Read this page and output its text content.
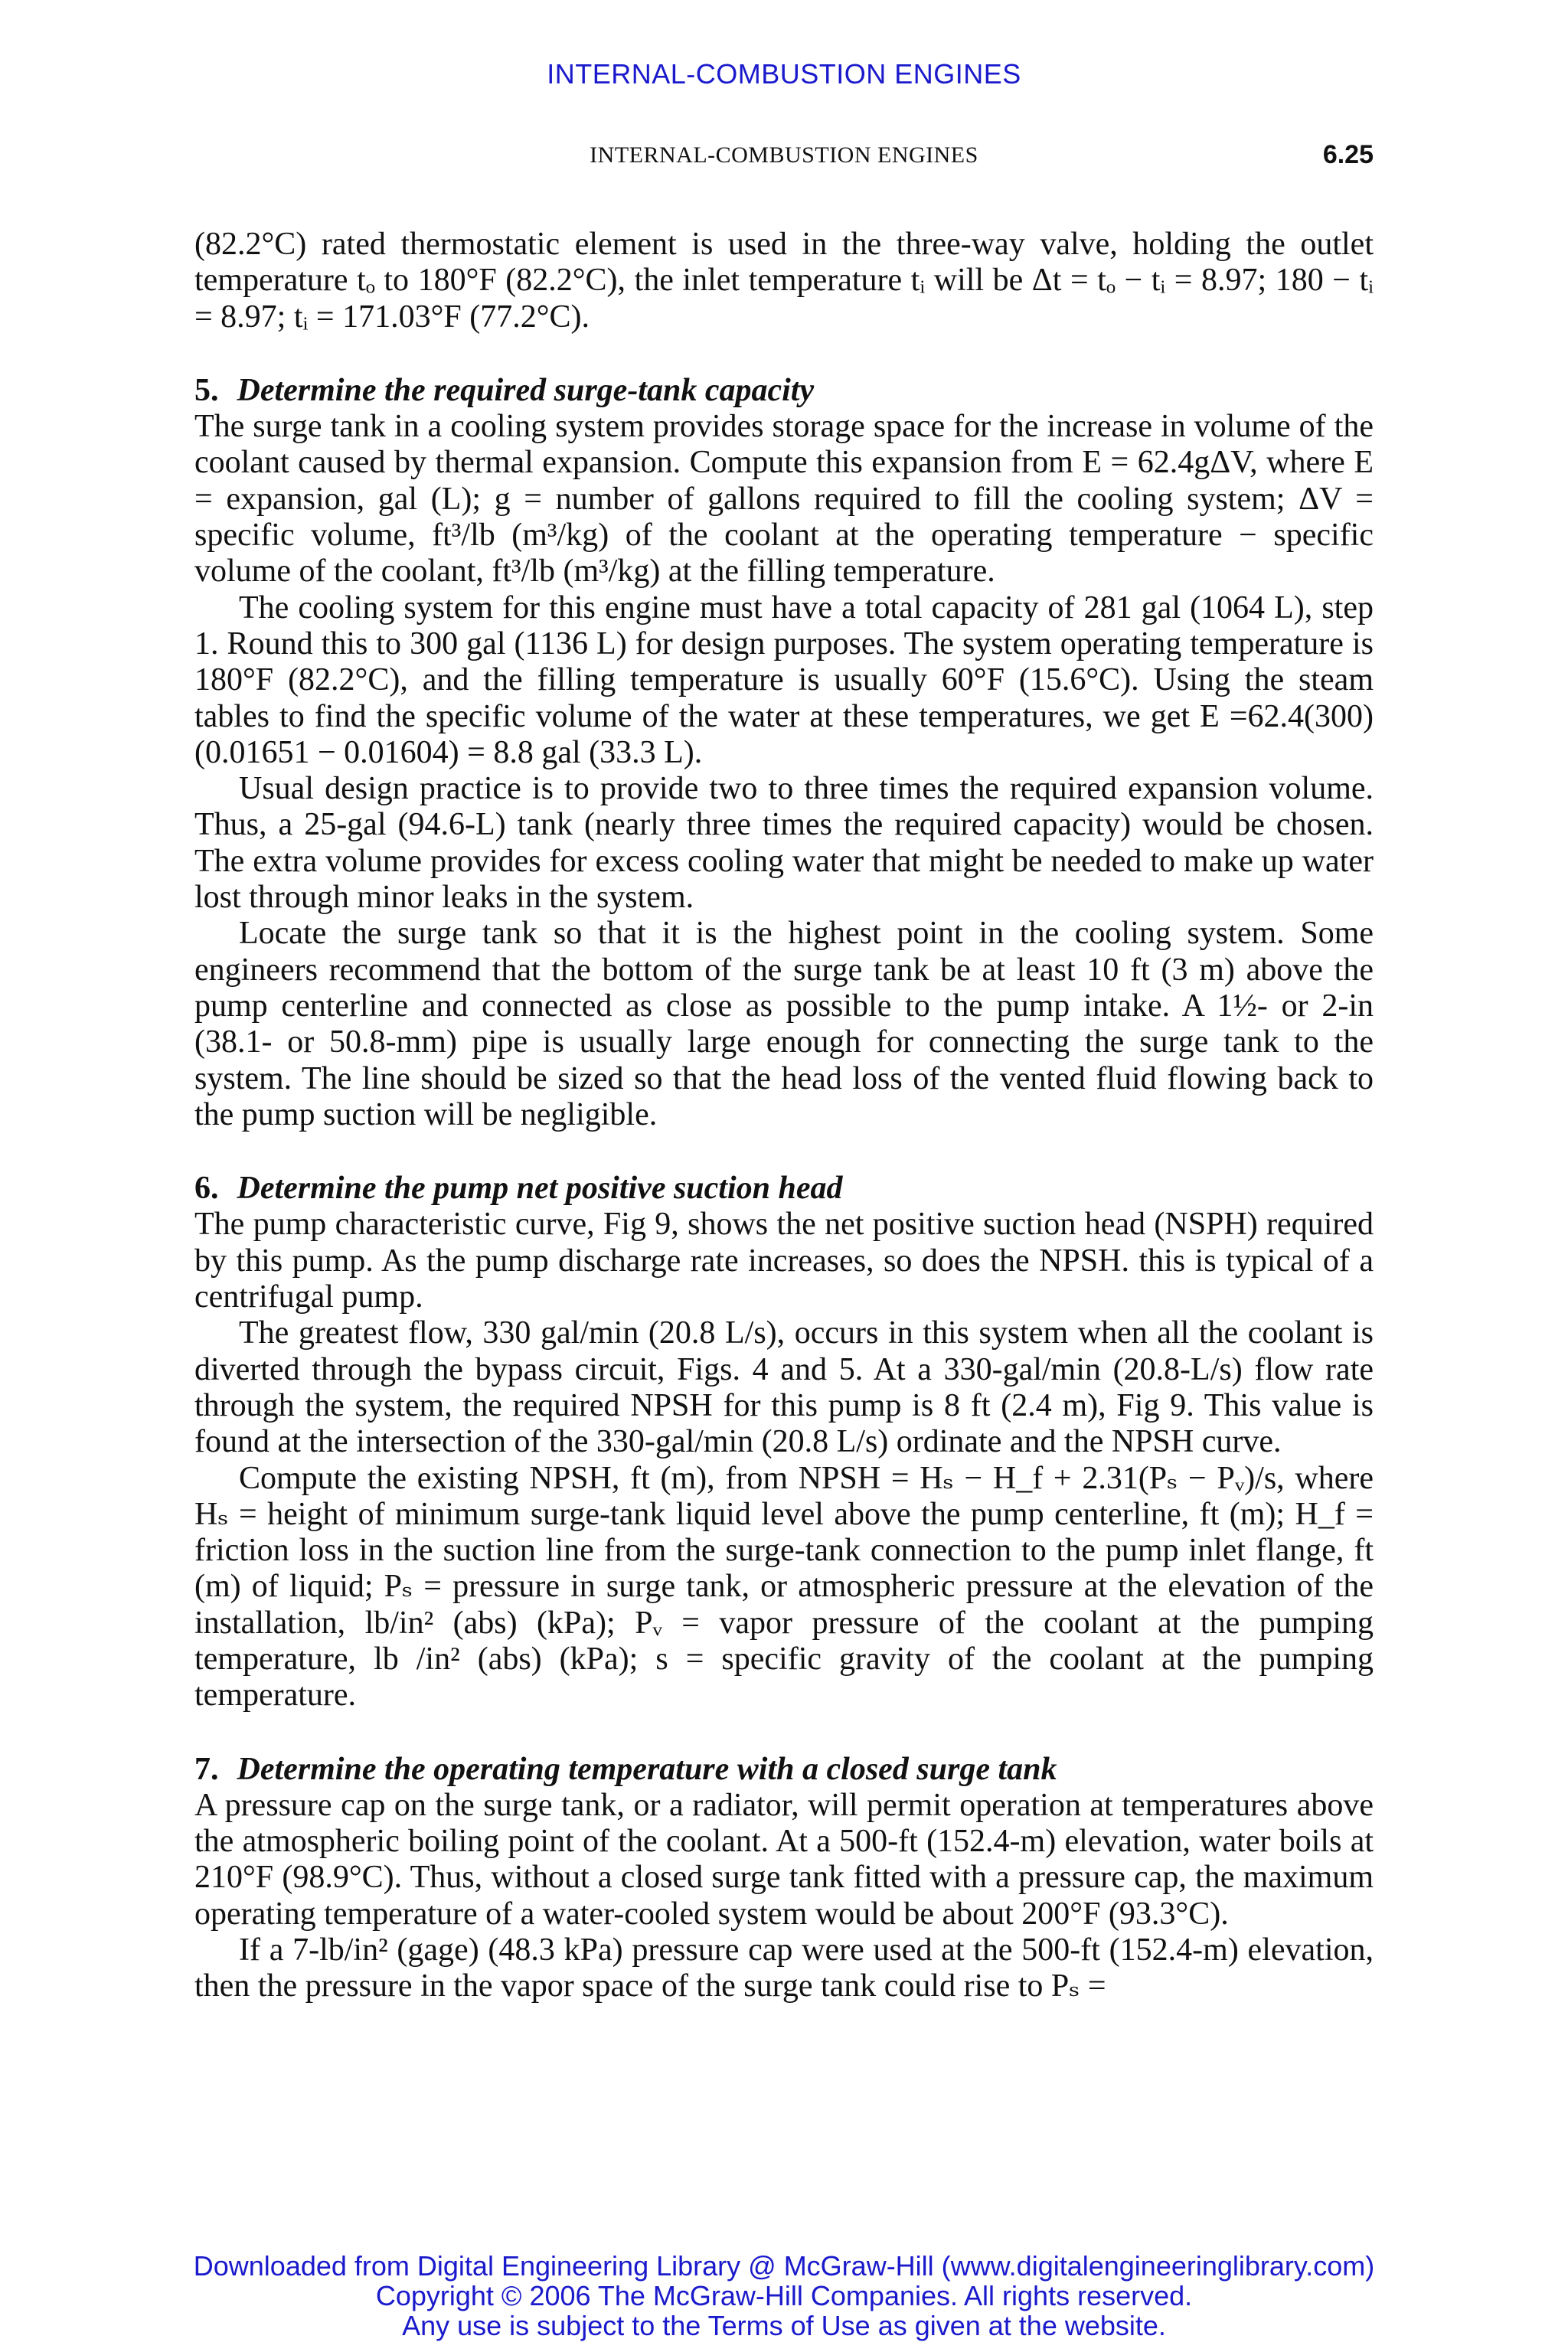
INTERNAL-COMBUSTION ENGINES
INTERNAL-COMBUSTION ENGINES	6.25

(82.2°C) rated thermostatic element is used in the three-way valve, holding the outlet temperature tₒ to 180°F (82.2°C), the inlet temperature tᵢ will be Δt = tₒ − tᵢ = 8.97; 180 − tᵢ = 8.97; tᵢ = 171.03°F (77.2°C).

5. Determine the required surge-tank capacity

The surge tank in a cooling system provides storage space for the increase in volume of the coolant caused by thermal expansion. Compute this expansion from E = 62.4gΔV, where E = expansion, gal (L); g = number of gallons required to fill the cooling system; ΔV = specific volume, ft³/lb (m³/kg) of the coolant at the operating temperature − specific volume of the coolant, ft³/lb (m³/kg) at the filling temperature.

The cooling system for this engine must have a total capacity of 281 gal (1064 L), step 1. Round this to 300 gal (1136 L) for design purposes. The system operating temperature is 180°F (82.2°C), and the filling temperature is usually 60°F (15.6°C). Using the steam tables to find the specific volume of the water at these temperatures, we get E =62.4(300)(0.01651 − 0.01604) = 8.8 gal (33.3 L).

Usual design practice is to provide two to three times the required expansion volume. Thus, a 25-gal (94.6-L) tank (nearly three times the required capacity) would be chosen. The extra volume provides for excess cooling water that might be needed to make up water lost through minor leaks in the system.

Locate the surge tank so that it is the highest point in the cooling system. Some engineers recommend that the bottom of the surge tank be at least 10 ft (3 m) above the pump centerline and connected as close as possible to the pump intake. A 1½- or 2-in (38.1- or 50.8-mm) pipe is usually large enough for connecting the surge tank to the system. The line should be sized so that the head loss of the vented fluid flowing back to the pump suction will be negligible.

6. Determine the pump net positive suction head

The pump characteristic curve, Fig 9, shows the net positive suction head (NSPH) required by this pump. As the pump discharge rate increases, so does the NPSH. this is typical of a centrifugal pump.

The greatest flow, 330 gal/min (20.8 L/s), occurs in this system when all the coolant is diverted through the bypass circuit, Figs. 4 and 5. At a 330-gal/min (20.8-L/s) flow rate through the system, the required NPSH for this pump is 8 ft (2.4 m), Fig 9. This value is found at the intersection of the 330-gal/min (20.8 L/s) ordinate and the NPSH curve.

Compute the existing NPSH, ft (m), from NPSH = Hₛ − H_f + 2.31(Pₛ − Pᵥ)/s, where Hₛ = height of minimum surge-tank liquid level above the pump centerline, ft (m); H_f = friction loss in the suction line from the surge-tank connection to the pump inlet flange, ft (m) of liquid; Pₛ = pressure in surge tank, or atmospheric pressure at the elevation of the installation, lb/in² (abs) (kPa); Pᵥ = vapor pressure of the coolant at the pumping temperature, lb /in² (abs) (kPa); s = specific gravity of the coolant at the pumping temperature.

7. Determine the operating temperature with a closed surge tank

A pressure cap on the surge tank, or a radiator, will permit operation at temperatures above the atmospheric boiling point of the coolant. At a 500-ft (152.4-m) elevation, water boils at 210°F (98.9°C). Thus, without a closed surge tank fitted with a pressure cap, the maximum operating temperature of a water-cooled system would be about 200°F (93.3°C).

If a 7-lb/in² (gage) (48.3 kPa) pressure cap were used at the 500-ft (152.4-m) elevation, then the pressure in the vapor space of the surge tank could rise to Pₛ =

Downloaded from Digital Engineering Library @ McGraw-Hill (www.digitalengineeringlibrary.com)
Copyright © 2006 The McGraw-Hill Companies. All rights reserved.
Any use is subject to the Terms of Use as given at the website.
